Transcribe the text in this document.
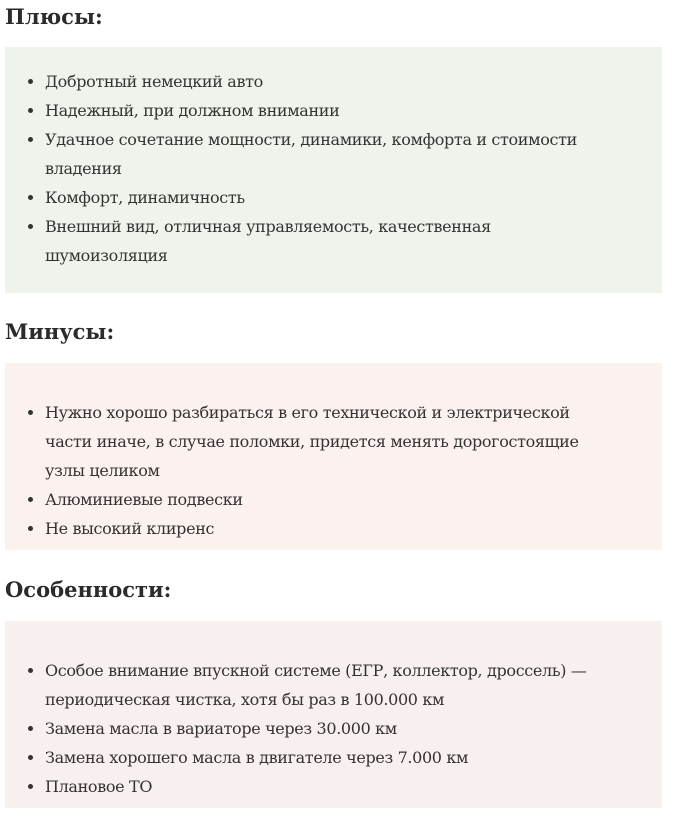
Плюсы:
Добротный немецкий авто
Надежный, при должном внимании
Удачное сочетание мощности, динамики, комфорта и стоимости владения
Комфорт, динамичность
Внешний вид, отличная управляемость, качественная шумоизоляция
Минусы:
Нужно хорошо разбираться в его технической и электрической части иначе, в случае поломки, придется менять дорогостоящие узлы целиком
Алюминиевые подвески
Не высокий клиренс
Особенности:
Особое внимание впускной системе (ЕГР, коллектор, дроссель) — периодическая чистка, хотя бы раз в 100.000 км
Замена масла в вариаторе через 30.000 км
Замена хорошего масла в двигателе через 7.000 км
Плановое ТО
